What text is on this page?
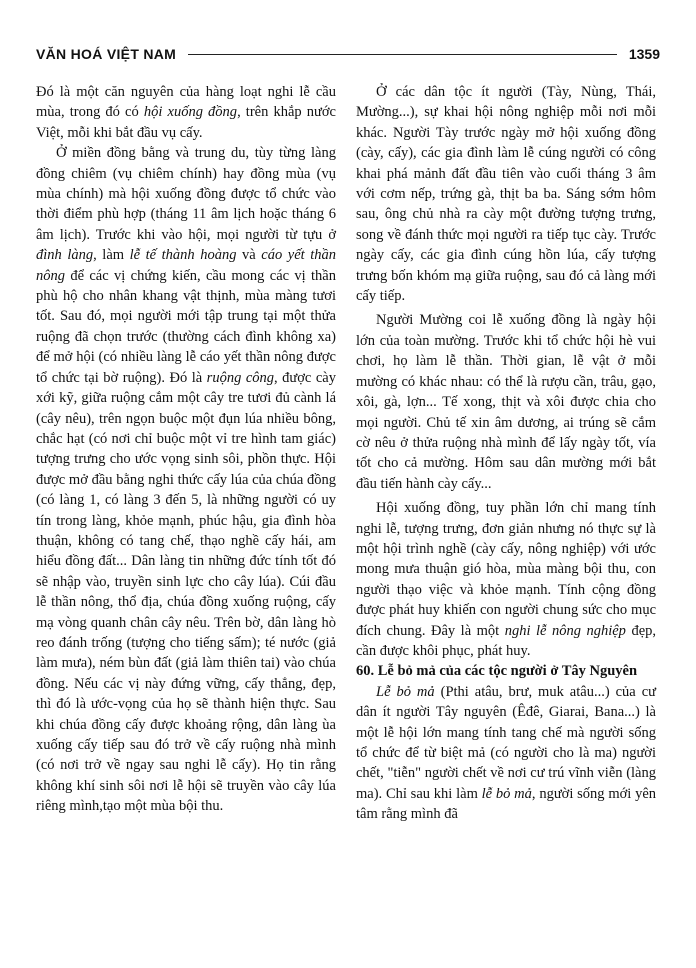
VĂN HOÁ VIỆT NAM	1359

Đó là một căn nguyên của hàng loạt nghi lễ cầu mùa, trong đó có hội xuống đồng, trên khắp nước Việt, mỗi khi bắt đầu vụ cấy.

Ở miền đồng bằng và trung du, tùy từng làng đồng chiêm (vụ chiêm chính) hay đồng mùa (vụ mùa chính) mà hội xuống đồng được tổ chức vào thời điểm phù hợp (tháng 11 âm lịch hoặc tháng 6 âm lịch). Trước khi vào hội, mọi người từ tựu ở đình làng, làm lễ tế thành hoàng và cáo yết thần nông để các vị chứng kiến, cầu mong các vị thần phù hộ cho nhân khang vật thịnh, mùa màng tươi tốt. Sau đó, mọi người mới tập trung tại một thửa ruộng đã chọn trước (thường cách đình không xa) để mở hội (có nhiều làng lễ cáo yết thần nông được tổ chức tại bờ ruộng). Đó là ruộng công, được cày xới kỹ, giữa ruộng cắm một cây tre tươi đủ cành lá (cây nêu), trên ngọn buộc một đụn lúa nhiều bông, chắc hạt (có nơi chỉ buộc một vỉ tre hình tam giác) tượng trưng cho ước vọng sinh sôi, phồn thực. Hội được mở đầu bằng nghi thức cấy lúa của chúa đồng (có làng 1, có làng 3 đến 5, là những người có uy tín trong làng, khỏe mạnh, phúc hậu, gia đình hòa thuận, không có tang chế, thạo nghề cấy hái, am hiểu đồng đất... Dân làng tin những đức tính tốt đó sẽ nhập vào, truyền sinh lực cho cây lúa). Cúi đầu lễ thần nông, thổ địa, chúa đồng xuống ruộng, cấy mạ vòng quanh chân cây nêu. Trên bờ, dân làng hò reo đánh trống (tượng cho tiếng sấm); té nước (giả làm mưa), ném bùn đất (giả làm thiên tai) vào chúa đồng. Nếu các vị này đứng vững, cấy thẳng, đẹp, thì đó là ước-vọng của họ sẽ thành hiện thực. Sau khi chúa đồng cấy được khoảng rộng, dân làng ùa xuống cấy tiếp sau đó trở về cấy ruộng nhà mình (có nơi trở về ngay sau nghi lễ cấy). Họ tin rằng không khí sinh sôi nơi lễ hội sẽ truyền vào cây lúa riêng mình,tạo một mùa bội thu.

Ở các dân tộc ít người (Tày, Nùng, Thái, Mường...), sự khai hội nông nghiệp mỗi nơi mỗi khác. Người Tày trước ngày mở hội xuống đồng (cày, cấy), các gia đình làm lễ cúng người có công khai phá mảnh đất đầu tiên vào cuối tháng 3 âm với cơm nếp, trứng gà, thịt ba ba. Sáng sớm hôm sau, ông chủ nhà ra cày một đường tượng trưng, song về đánh thức mọi người ra tiếp tục cày. Trước ngày cấy, các gia đình cúng hồn lúa, cấy tượng trưng bốn khóm mạ giữa ruộng, sau đó cả làng mới cấy tiếp.

Người Mường coi lễ xuống đồng là ngày hội lớn của toàn mường. Trước khi tổ chức hội hè vui chơi, họ làm lễ thần. Thời gian, lễ vật ở mỗi mường có khác nhau: có thể là rượu cần, trâu, gạo, xôi, gà, lợn... Tế xong, thịt và xôi được chia cho mọi người. Chủ tế xin âm dương, ai trúng sẽ cắm cờ nêu ở thửa ruộng nhà mình để lấy ngày tốt, vía tốt cho cả mường. Hôm sau dân mường mới bắt đầu tiến hành cày cấy...

Hội xuống đồng, tuy phần lớn chỉ mang tính nghi lễ, tượng trưng, đơn giản nhưng nó thực sự là một hội trình nghề (cày cấy, nông nghiệp) với ước mong mưa thuận gió hòa, mùa màng bội thu, con người thạo việc và khỏe mạnh. Tính cộng đồng được phát huy khiến con người chung sức cho mục đích chung. Đây là một nghi lễ nông nghiệp đẹp, cần được khôi phục, phát huy.

60. Lễ bỏ mả của các tộc người ở Tây Nguyên

Lễ bỏ mả (Pthi atâu, brư, muk atâu...) của cư dân ít người Tây nguyên (Êđê, Giarai, Bana...) là một lễ hội lớn mang tính tang chế mà người sống tổ chức để từ biệt mả (có người cho là ma) người chết, "tiễn" người chết về nơi cư trú vĩnh viễn (làng ma). Chỉ sau khi làm lễ bỏ mả, người sống mới yên tâm rằng mình đã
